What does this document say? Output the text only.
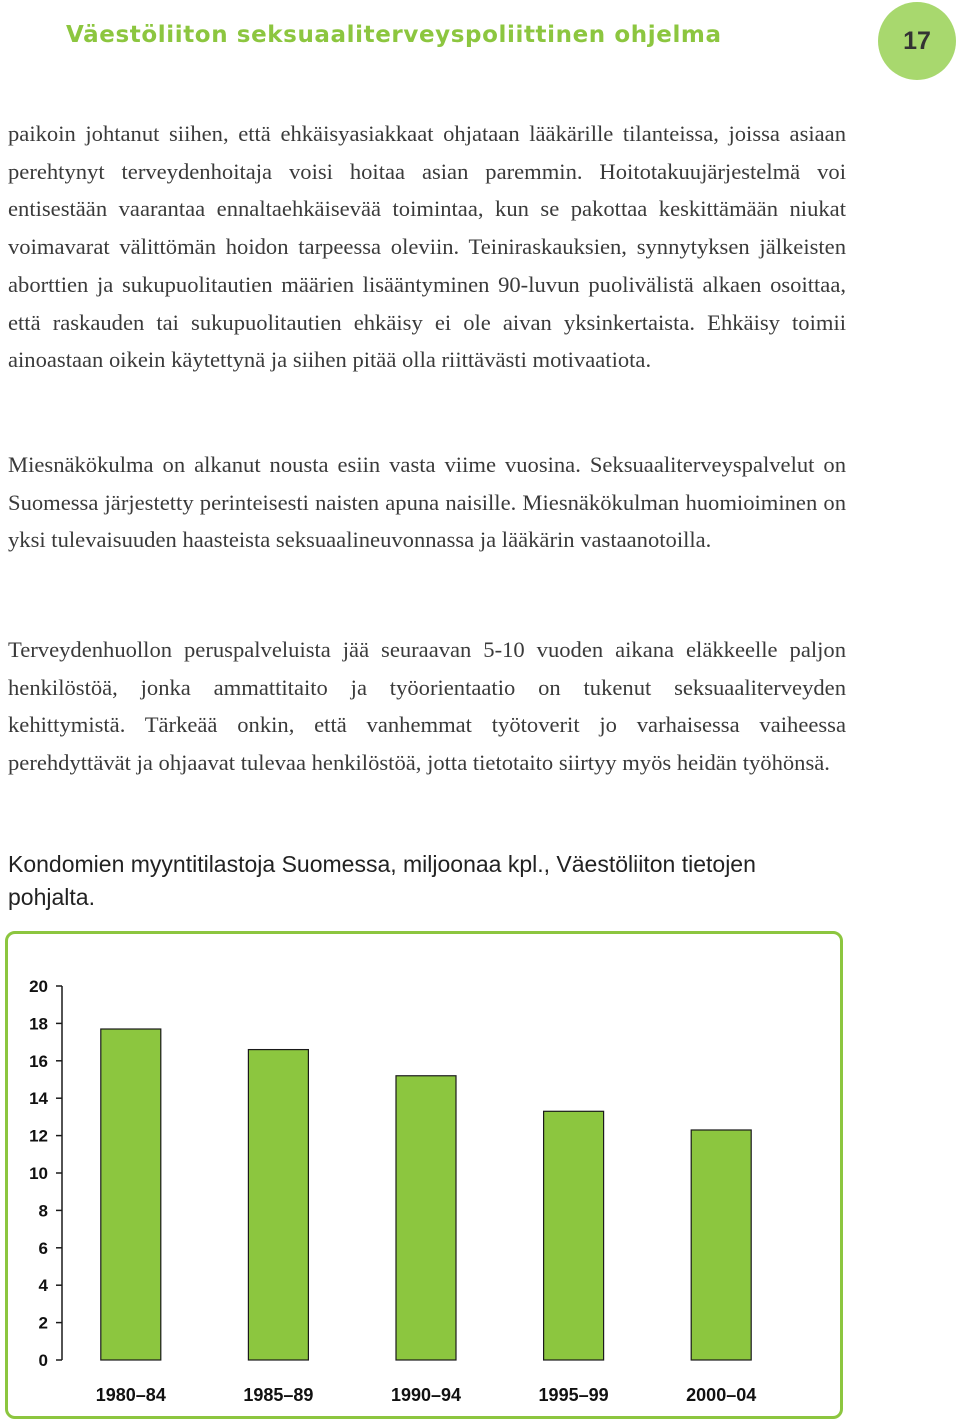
Väestöliiton seksuaaliterveyspoliittinen ohjelma	17

paikoin johtanut siihen, että ehkäisyasiakkaat ohjataan lääkärille tilanteissa, joissa asiaan perehtynyt terveydenhoitaja voisi hoitaa asian paremmin. Hoitotakuujärjestelmä voi entisestään vaarantaa ennaltaehkäisevää toimintaa, kun se pakottaa keskittämään niukat voimavarat välittömän hoidon tarpeessa oleviin. Teiniraskauksien, synnytyksen jälkeisten aborttien ja sukupuolitautien määrien lisääntyminen 90-luvun puolivälistä alkaen osoittaa, että raskauden tai sukupuolitautien ehkäisy ei ole aivan yksinkertaista. Ehkäisy toimii ainoastaan oikein käytettynä ja siihen pitää olla riittävästi motivaatiota.

Miesnäkökulma on alkanut nousta esiin vasta viime vuosina. Seksuaaliterveyspalvelut on Suomessa järjestetty perinteisesti naisten apuna naisille. Miesnäkökulman huomioiminen on yksi tulevaisuuden haasteista seksuaalineuvonnassa ja lääkärin vastaanotoilla.

Terveydenhuollon peruspalveluista jää seuraavan 5-10 vuoden aikana eläkkeelle paljon henkilöstöä, jonka ammattitaito ja työorientaatio on tukenut seksuaaliterveyden kehittymistä. Tärkeää onkin, että vanhemmat työtoverit jo varhaisessa vaiheessa perehdyttävät ja ohjaavat tulevaa henkilöstöä, jotta tietotaito siirtyy myös heidän työhönsä.

Kondomien myyntitilastoja Suomessa, miljoonaa kpl., Väestöliiton tietojen pohjalta.

0
2
4
6
8
10
12
14
16
18
20
1980–84	1985–89	1990–94	1995–99	2000–04
